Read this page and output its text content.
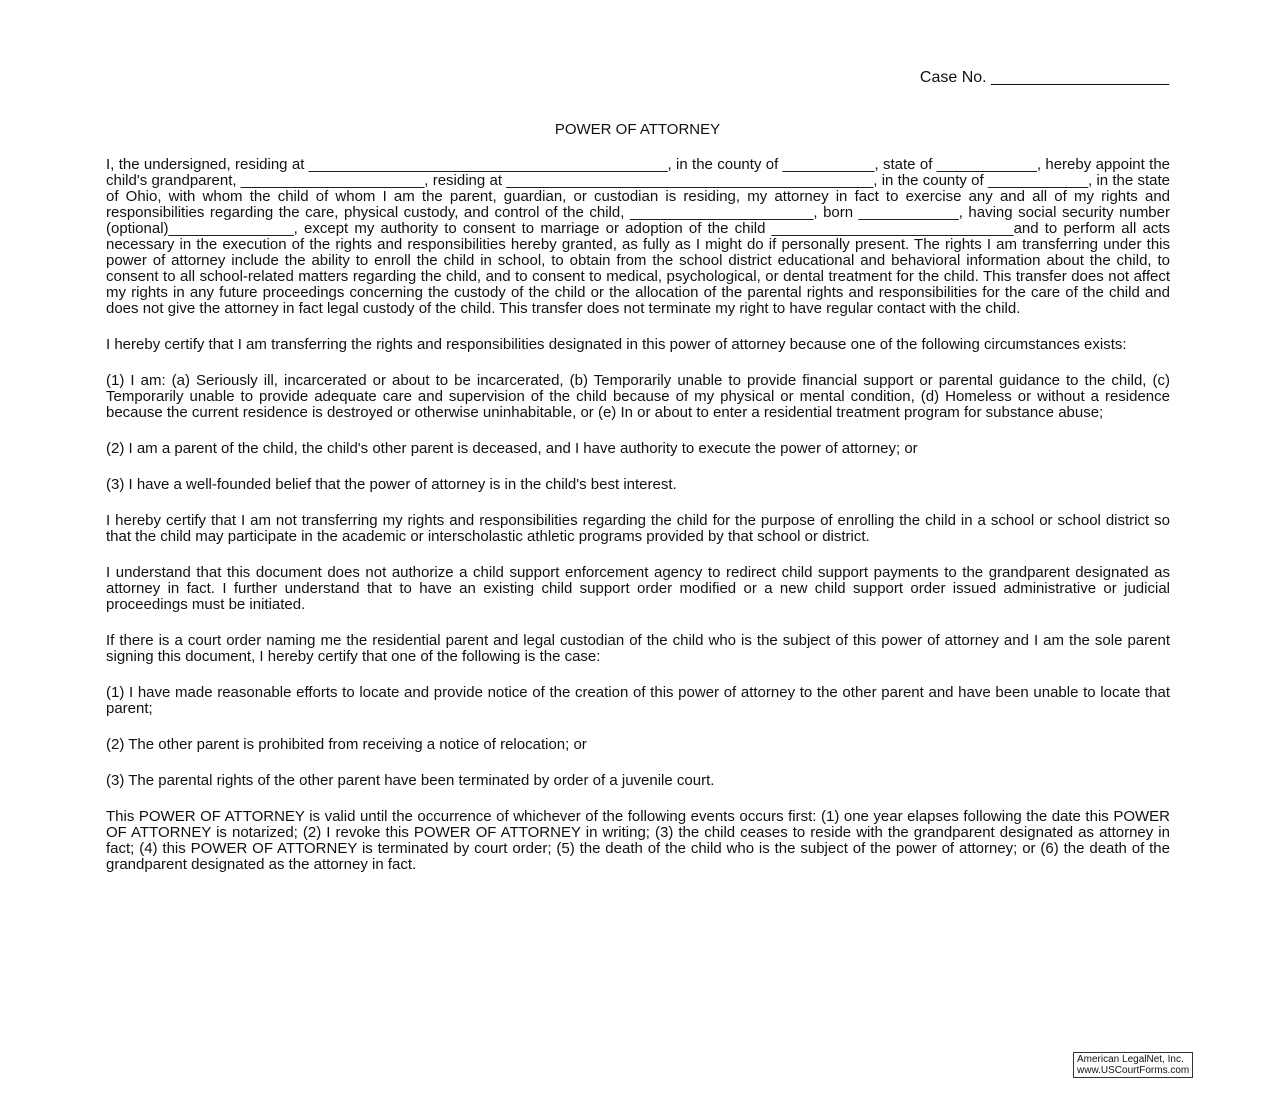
Case No. ____________________
POWER OF ATTORNEY

I, the undersigned, residing at ___________________________________________, in the county of ___________, state of ____________, hereby appoint the child's grandparent, ______________________, residing at ____________________________________________, in the county of ____________, in the state of Ohio, with whom the child of whom I am the parent, guardian, or custodian is residing, my attorney in fact to exercise any and all of my rights and responsibilities regarding the care, physical custody, and control of the child, ______________________, born ____________, having social security number (optional)_______________, except my authority to consent to marriage or adoption of the child _____________________________and to perform all acts necessary in the execution of the rights and responsibilities hereby granted, as fully as I might do if personally present. The rights I am transferring under this power of attorney include the ability to enroll the child in school, to obtain from the school district educational and behavioral information about the child, to consent to all school-related matters regarding the child, and to consent to medical, psychological, or dental treatment for the child. This transfer does not affect my rights in any future proceedings concerning the custody of the child or the allocation of the parental rights and responsibilities for the care of the child and does not give the attorney in fact legal custody of the child. This transfer does not terminate my right to have regular contact with the child.

I hereby certify that I am transferring the rights and responsibilities designated in this power of attorney because one of the following circumstances exists:

(1) I am: (a) Seriously ill, incarcerated or about to be incarcerated, (b) Temporarily unable to provide financial support or parental guidance to the child, (c) Temporarily unable to provide adequate care and supervision of the child because of my physical or mental condition, (d) Homeless or without a residence because the current residence is destroyed or otherwise uninhabitable, or (e) In or about to enter a residential treatment program for substance abuse;

(2) I am a parent of the child, the child's other parent is deceased, and I have authority to execute the power of attorney; or

(3) I have a well-founded belief that the power of attorney is in the child's best interest.

I hereby certify that I am not transferring my rights and responsibilities regarding the child for the purpose of enrolling the child in a school or school district so that the child may participate in the academic or interscholastic athletic programs provided by that school or district.

I understand that this document does not authorize a child support enforcement agency to redirect child support payments to the grandparent designated as attorney in fact. I further understand that to have an existing child support order modified or a new child support order issued administrative or judicial proceedings must be initiated.

If there is a court order naming me the residential parent and legal custodian of the child who is the subject of this power of attorney and I am the sole parent signing this document, I hereby certify that one of the following is the case:

(1) I have made reasonable efforts to locate and provide notice of the creation of this power of attorney to the other parent and have been unable to locate that parent;

(2) The other parent is prohibited from receiving a notice of relocation; or

(3) The parental rights of the other parent have been terminated by order of a juvenile court.

This POWER OF ATTORNEY is valid until the occurrence of whichever of the following events occurs first: (1) one year elapses following the date this POWER OF ATTORNEY is notarized; (2) I revoke this POWER OF ATTORNEY in writing; (3) the child ceases to reside with the grandparent designated as attorney in fact; (4) this POWER OF ATTORNEY is terminated by court order; (5) the death of the child who is the subject of the power of attorney; or (6) the death of the grandparent designated as the attorney in fact.

American LegalNet, Inc.
www.USCourtForms.com
